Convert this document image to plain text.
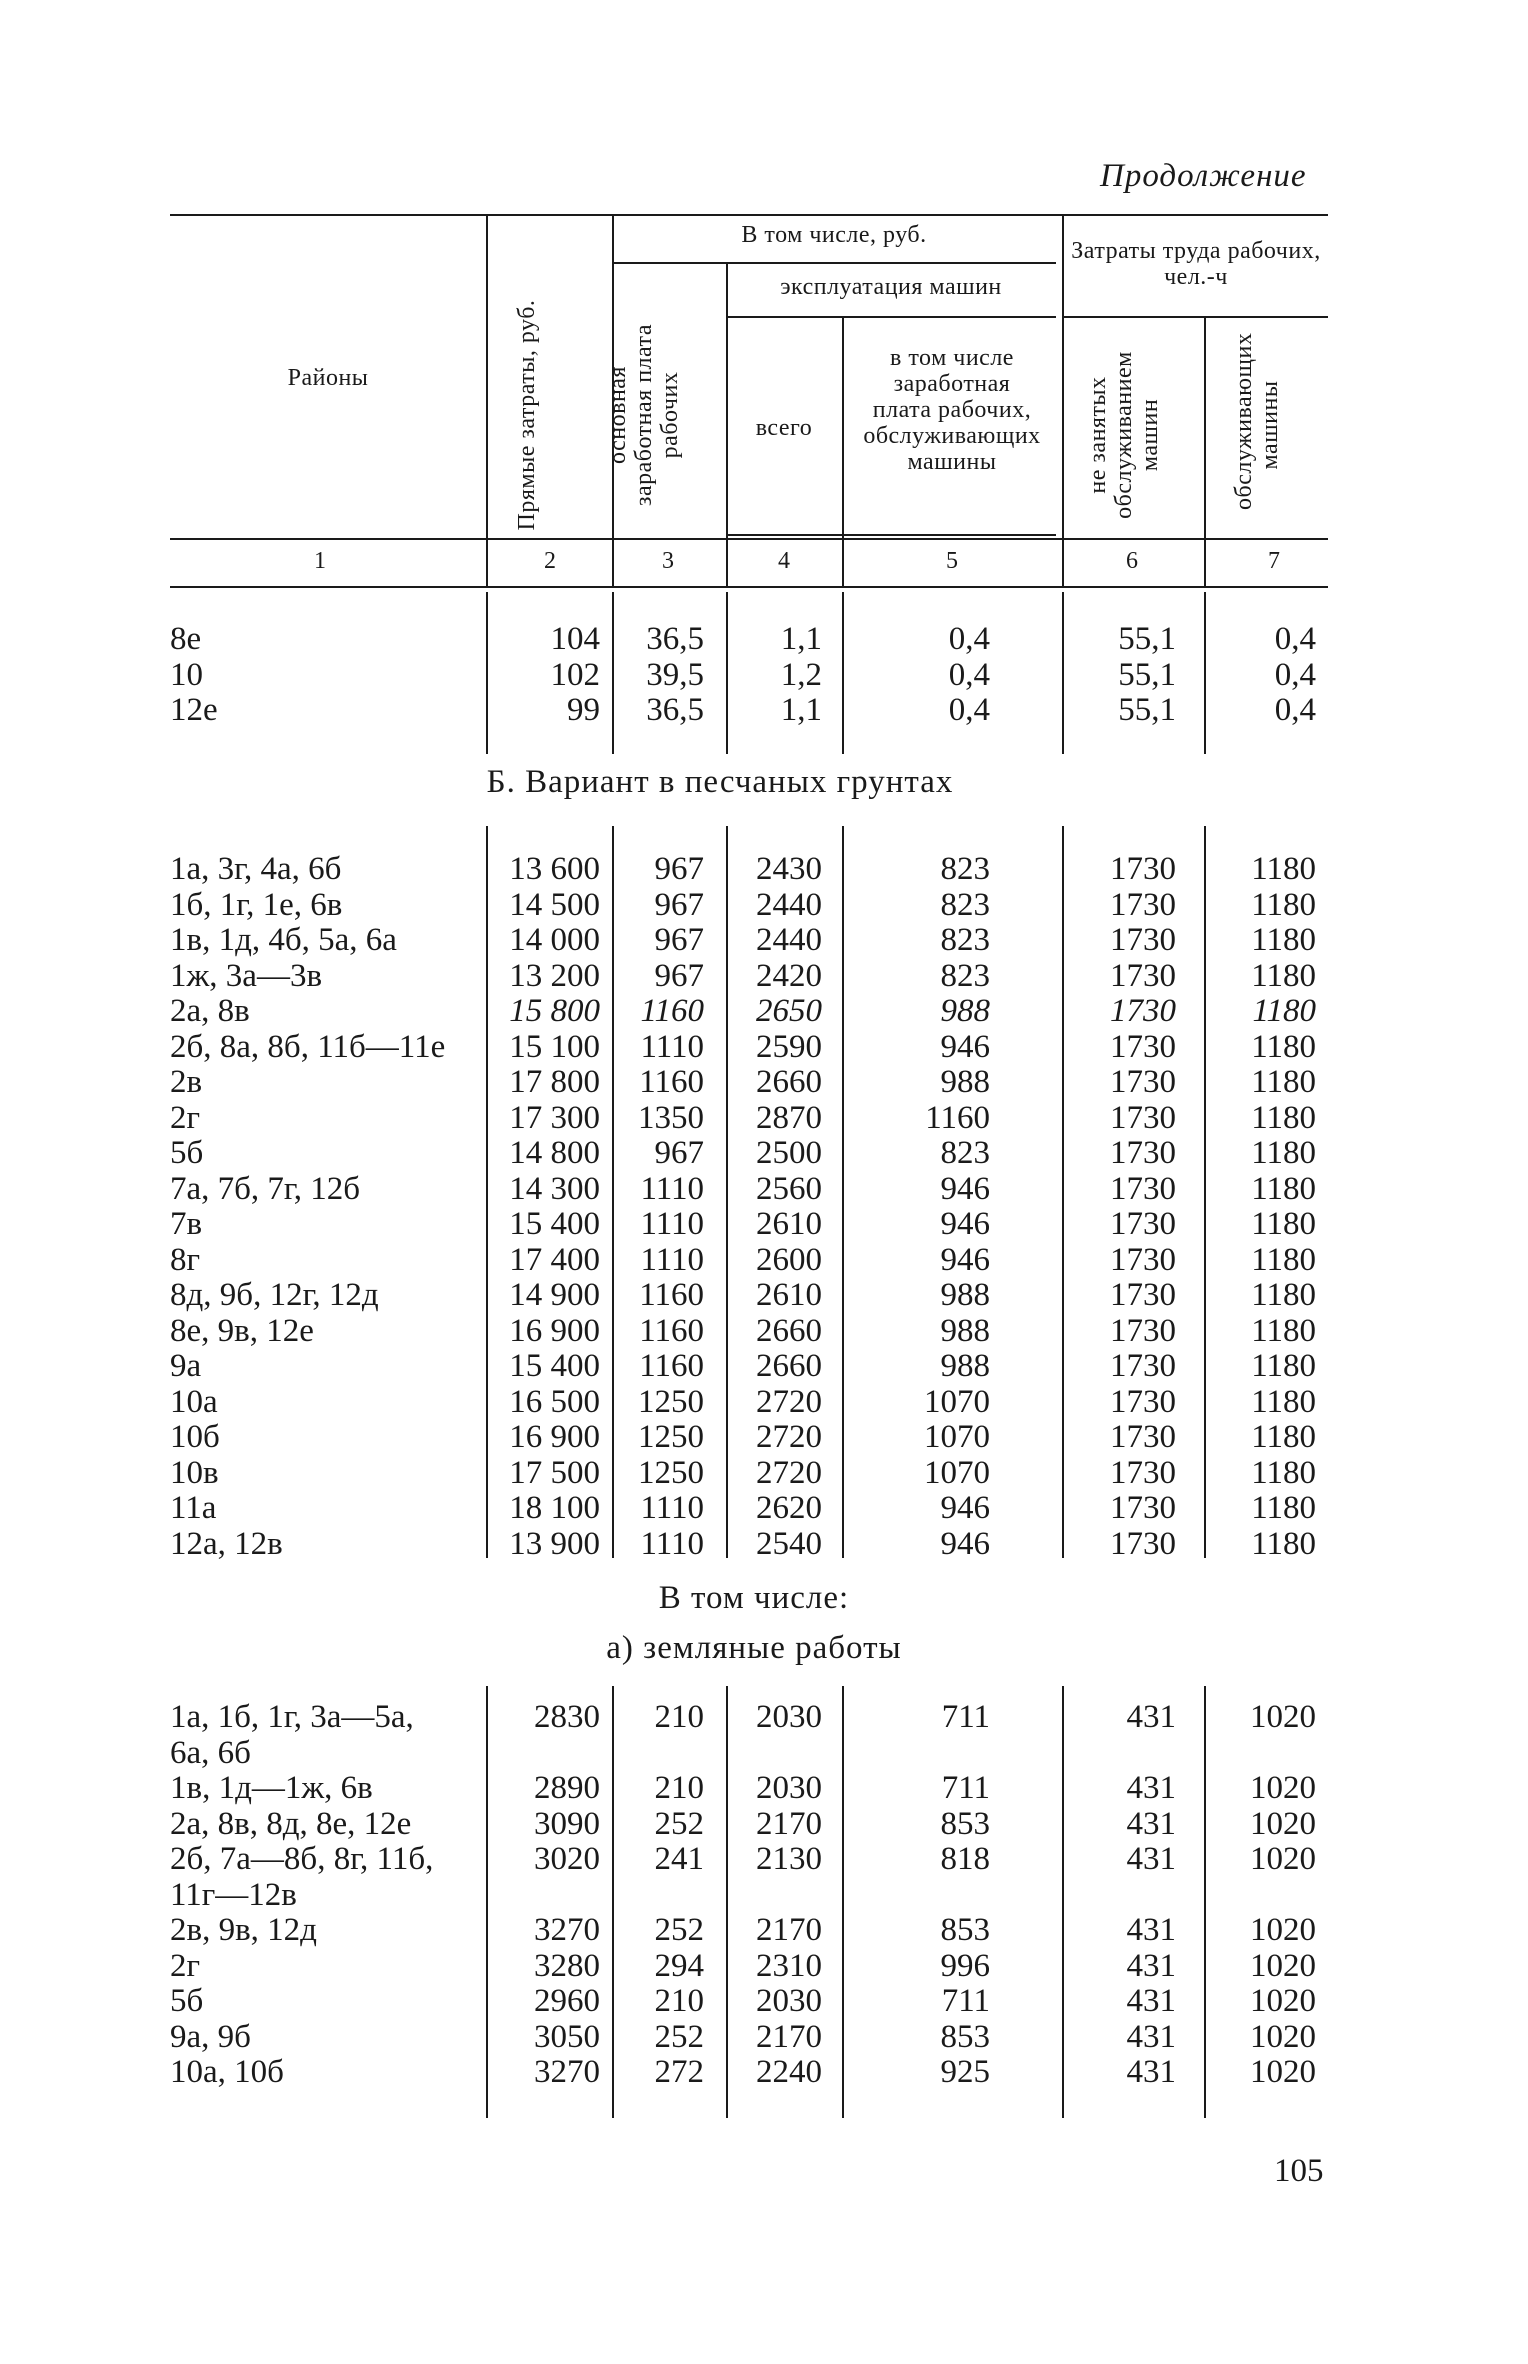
Продолжение
Районы	Прямые затраты, руб.
В том числе, руб.
основная заработная плата рабочих
эксплуатация машин
всего
в том числе заработная плата рабочих, обслуживающих машины
Затраты труда рабочих, чел.-ч
не занятых обслуживанием машин	обслуживающих машины
1	2	3	4	5	6	7
Б. Вариант в песчаных грунтах
В том числе:
а) земляные работы
8е	104	36,5	1,1	0,4	55,1	0,4
10	102	39,5	1,2	0,4	55,1	0,4
12е	99	36,5	1,1	0,4	55,1	0,4
1а, 3г, 4а, 6б	13 600	967	2430	823	1730	1180
1б, 1г, 1е, 6в	14 500	967	2440	823	1730	1180
1в, 1д, 4б, 5а, 6а	14 000	967	2440	823	1730	1180
1ж, 3а—3в	13 200	967	2420	823	1730	1180
2а, 8в	15 800	1160	2650	988	1730	1180
2б, 8а, 8б, 11б—11е	15 100	1110	2590	946	1730	1180
2в	17 800	1160	2660	988	1730	1180
2г	17 300	1350	2870	1160	1730	1180
5б	14 800	967	2500	823	1730	1180
7а, 7б, 7г, 12б	14 300	1110	2560	946	1730	1180
7в	15 400	1110	2610	946	1730	1180
8г	17 400	1110	2600	946	1730	1180
8д, 9б, 12г, 12д	14 900	1160	2610	988	1730	1180
8е, 9в, 12е	16 900	1160	2660	988	1730	1180
9а	15 400	1160	2660	988	1730	1180
10а	16 500	1250	2720	1070	1730	1180
10б	16 900	1250	2720	1070	1730	1180
10в	17 500	1250	2720	1070	1730	1180
11а	18 100	1110	2620	946	1730	1180
12а, 12в	13 900	1110	2540	946	1730	1180
1а, 1б, 1г, 3а—5а,	2830	210	2030	711	431	1020
6а, 6б
1в, 1д—1ж, 6в	2890	210	2030	711	431	1020
2а, 8в, 8д, 8е, 12е	3090	252	2170	853	431	1020
2б, 7а—8б, 8г, 11б,	3020	241	2130	818	431	1020
11г—12в
2в, 9в, 12д	3270	252	2170	853	431	1020
2г	3280	294	2310	996	431	1020
5б	2960	210	2030	711	431	1020
9а, 9б	3050	252	2170	853	431	1020
10а, 10б	3270	272	2240	925	431	1020
105
